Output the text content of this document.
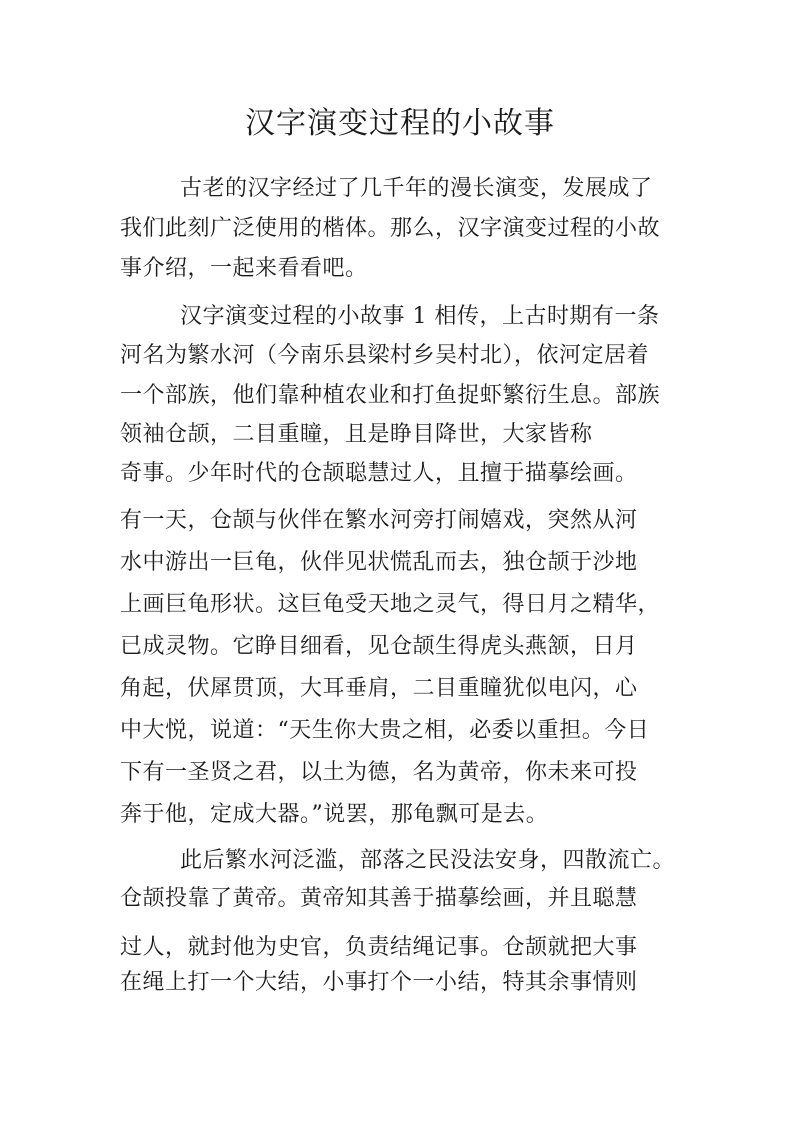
汉字演变过程的小故事
古老的汉字经过了几千年的漫长演变，发展成了
我们此刻广泛使用的楷体。那么，汉字演变过程的小故
事介绍，一起来看看吧。
汉字演变过程的小故事 1 相传，上古时期有一条
河名为繁水河（今南乐县梁村乡吴村北），依河定居着
一个部族，他们靠种植农业和打鱼捉虾繁衍生息。部族
领袖仓颉，二目重瞳，且是睁目降世，大家皆称
奇事。少年时代的仓颉聪慧过人，且擅于描摹绘画。
有一天，仓颉与伙伴在繁水河旁打闹嬉戏，突然从河
水中游出一巨龟，伙伴见状慌乱而去，独仓颉于沙地
上画巨龟形状。这巨龟受天地之灵气，得日月之精华，
已成灵物。它睁目细看，见仓颉生得虎头燕颔，日月
角起，伏犀贯顶，大耳垂肩，二目重瞳犹似电闪，心
中大悦，说道：“天生你大贵之相，必委以重担。今日
下有一圣贤之君，以土为德，名为黄帝，你未来可投
奔于他，定成大器。”说罢，那龟飘可是去。
此后繁水河泛滥，部落之民没法安身，四散流亡。
仓颉投靠了黄帝。黄帝知其善于描摹绘画，并且聪慧
过人，就封他为史官，负责结绳记事。仓颉就把大事
在绳上打一个大结，小事打个一小结，特其余事情则
